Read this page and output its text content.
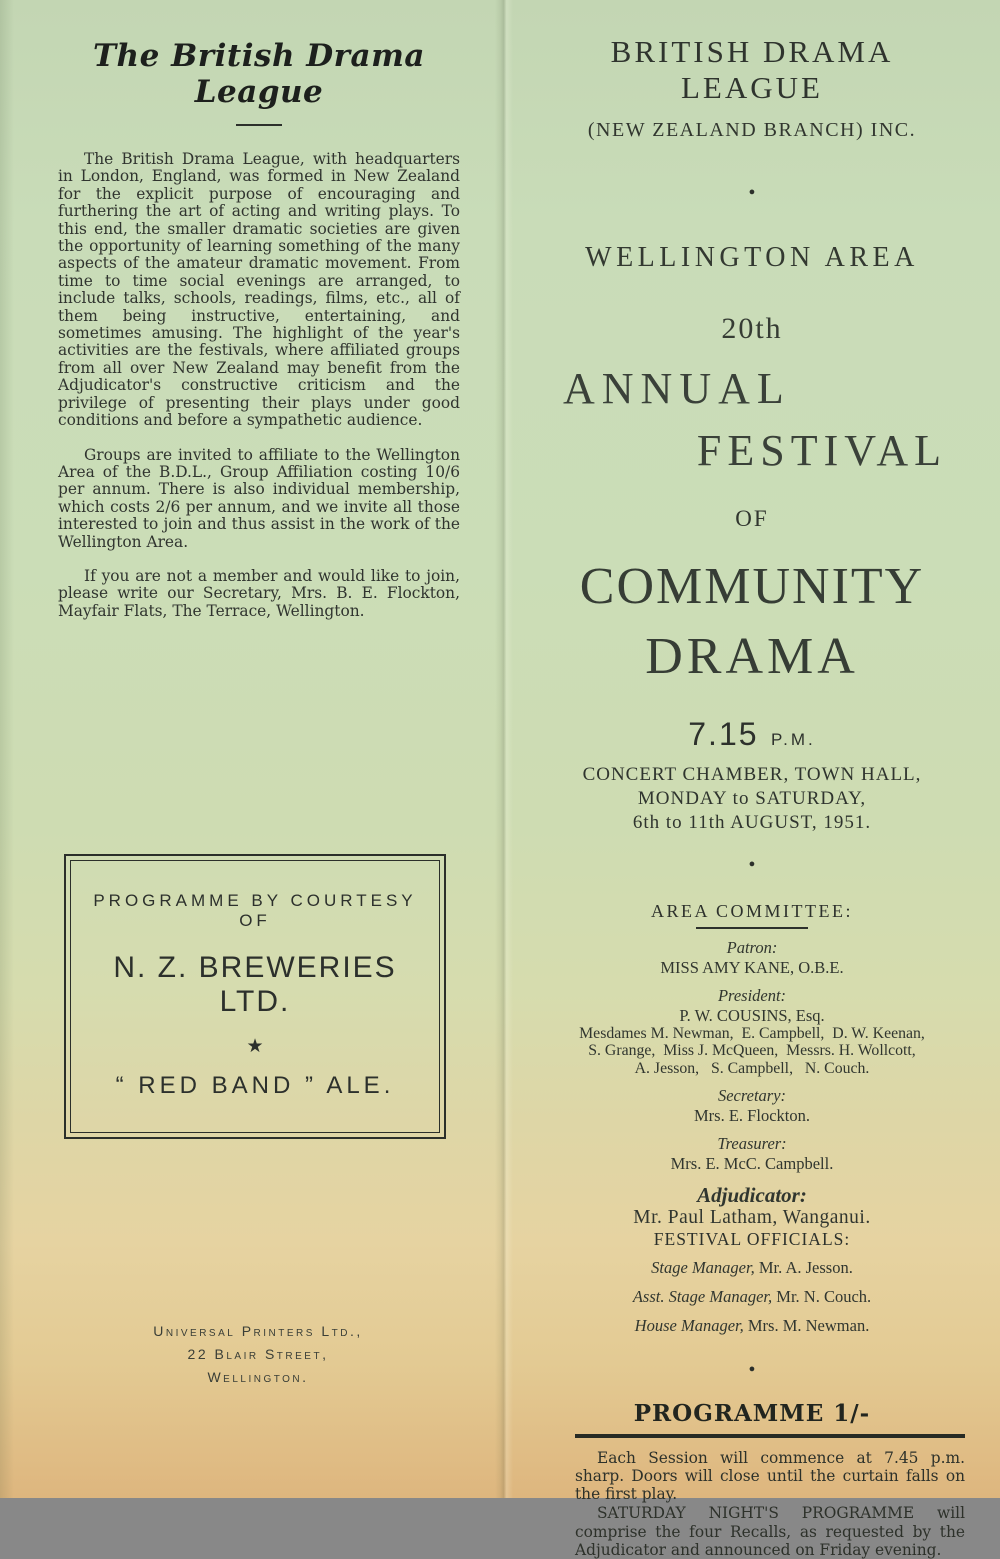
The British Drama League

The British Drama League, with headquarters in London, England, was formed in New Zealand for the explicit purpose of encouraging and furthering the art of acting and writing plays. To this end, the smaller dramatic societies are given the opportunity of learning something of the many aspects of the amateur dramatic movement. From time to time social evenings are arranged, to include talks, schools, readings, films, etc., all of them being instructive, entertaining, and sometimes amusing. The highlight of the year's activities are the festivals, where affiliated groups from all over New Zealand may benefit from the Adjudicator's constructive criticism and the privilege of presenting their plays under good conditions and before a sympathetic audience.

Groups are invited to affiliate to the Wellington Area of the B.D.L., Group Affiliation costing 10/6 per annum. There is also individual membership, which costs 2/6 per annum, and we invite all those interested to join and thus assist in the work of the Wellington Area.

If you are not a member and would like to join, please write our Secretary, Mrs. B. E. Flockton, Mayfair Flats, The Terrace, Wellington.

PROGRAMME BY COURTESY OF
N. Z. BREWERIES LTD.
★
“ RED BAND ” ALE.
Universal Printers Ltd.,
22 Blair Street,
Wellington.
BRITISH DRAMA LEAGUE
(NEW ZEALAND BRANCH) INC.
●
WELLINGTON AREA
20th
ANNUAL
FESTIVAL
OF
COMMUNITY
DRAMA
7.15 P.M.
CONCERT CHAMBER, TOWN HALL,
MONDAY to SATURDAY,
6th to 11th AUGUST, 1951.
●
AREA COMMITTEE:
Patron:
MISS AMY KANE, O.B.E.
President:
P. W. COUSINS, Esq.
Mesdames M. Newman,  E. Campbell,  D. W. Keenan,
S. Grange,  Miss J. McQueen,  Messrs. H. Wollcott,
A. Jesson,   S. Campbell,   N. Couch.
Secretary:
Mrs. E. Flockton.
Treasurer:
Mrs. E. McC. Campbell.
Adjudicator:
Mr. Paul Latham, Wanganui.
FESTIVAL OFFICIALS:
Stage Manager, Mr. A. Jesson.
Asst. Stage Manager, Mr. N. Couch.
House Manager, Mrs. M. Newman.
●
PROGRAMME 1/-

Each Session will commence at 7.45 p.m. sharp. Doors will close until the curtain falls on the first play.

SATURDAY NIGHT'S PROGRAMME will comprise the four Recalls, as requested by the Adjudicator and announced on Friday evening.
